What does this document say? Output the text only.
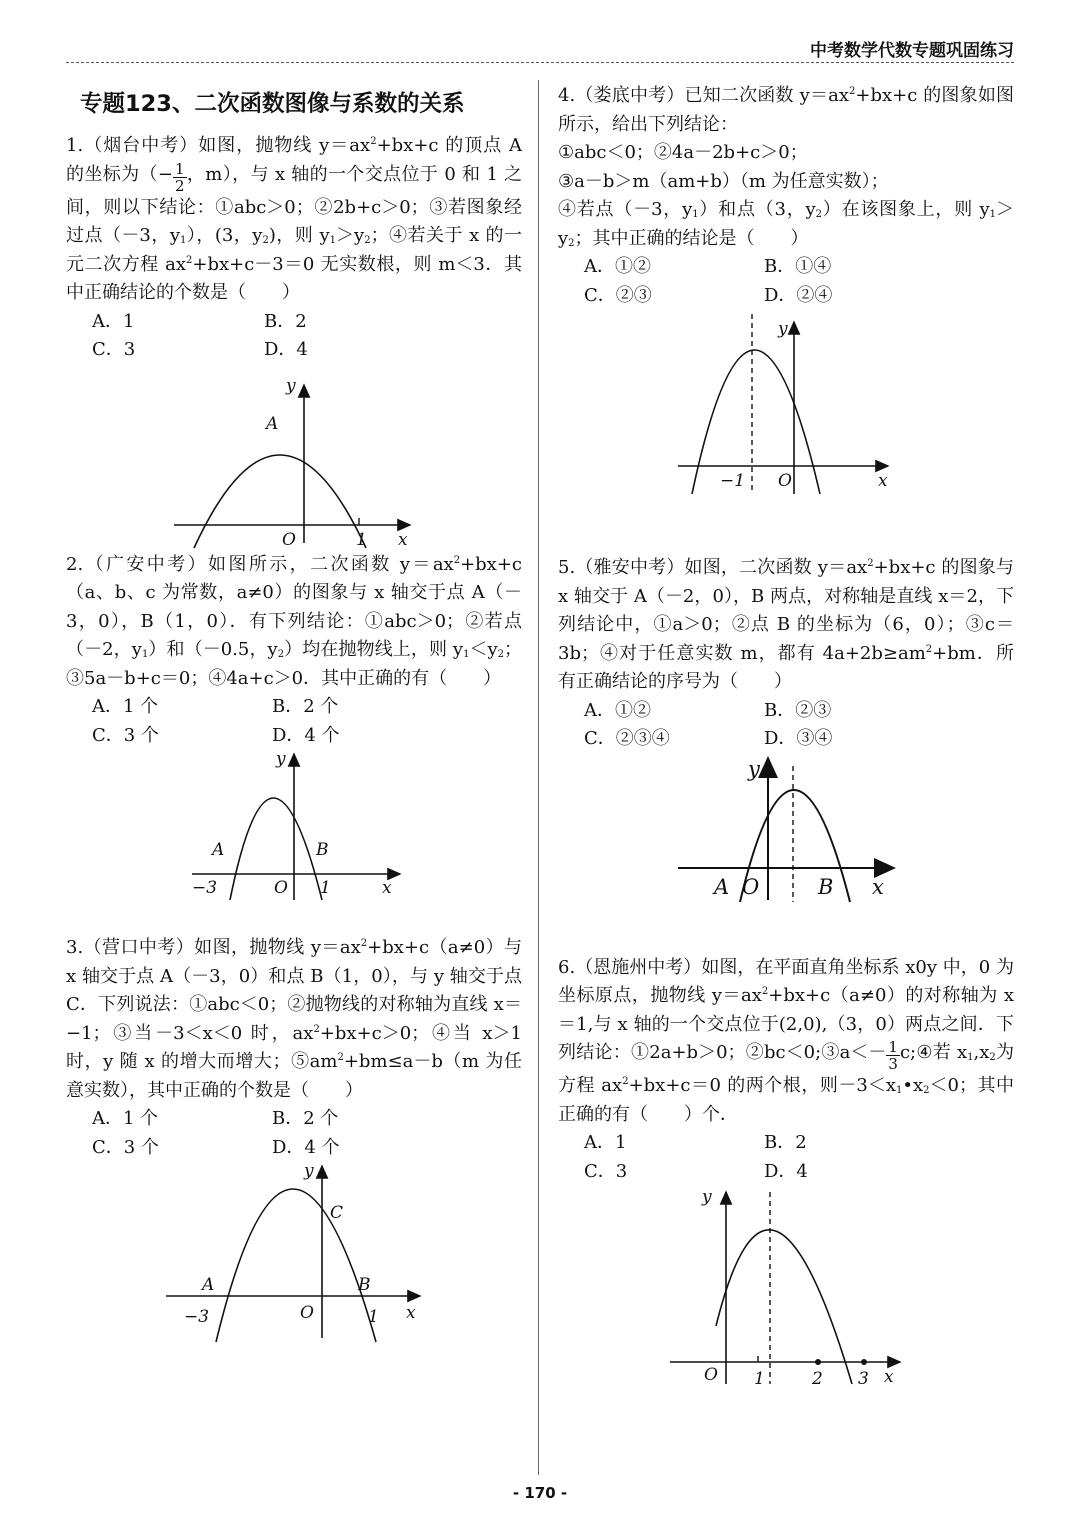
中考数学代数专题巩固练习
专题123、二次函数图像与系数的关系
1.（烟台中考）如图，抛物线 $y=ax^2+bx+c$ 的顶点 A 的坐标为（− $\frac{1}{2}$ ，m），与 x 轴的一个交点位于 0 和 1 之间，则以下结论：①abc＞0；②2b+c＞0；③若图象经过点（－3，$y_1$），(3，$y_2$)，则 $y_1>y_2$；④若关于 x 的一元二次方程 $ax^2+bx+c-3=0$ 无实数根，则 m＜3．其中正确结论的个数是（　　）
A．1	B．2
C．3	D．4
A
O	1 x
y
2.（广安中考）如图所示，二次函数 $y=ax^2+bx+c(a$、b、c 为常数，a≠0）的图象与 x 轴交于点 A（－3，0），B（1，0）．有下列结论：①abc＞0；②若点（－2，$y_1$）和（－0.5，$y_2$）均在抛物线上，则 $y_1<y_2$；③5a－b+c＝0；④4a+c＞0．其中正确的有（　　）
A．1 个	B．2 个
C．3 个	D．4 个
A	B
−3	O 1	x
y
3.（营口中考）如图，抛物线 $y=ax^2+bx+c(a\ne 0)$与 x 轴交于点 A（－3，0）和点 B（1，0），与 y 轴交于点 C．下列说法：①abc＜0；②抛物线的对称轴为直线 x＝−1；③当－3＜x＜0 时，$ax^2+bx+c>0$；④当 x＞1 时，y 随 x 的增大而增大；$⑤am^2+bm\le a-b(m$ 为任意实数），其中正确的个数是（　　）
A．1 个	B．2 个
C．3 个	D．4 个
A	B
C
−3	O	1 x
y
4.（娄底中考）已知二次函数 $y=ax^2+bx+c$ 的图象如图所示，给出下列结论：
①abc＜0；②4a－2b+c＞0；
③a－b＞m（am+b）（m 为任意实数）；
④若点（－3，$y_1$）和点（3，$y_2$）在该图象上，则 $y_1>y_2$；其中正确的结论是（　　）
A．①②	B．①④
C．②③	D．②④
−1 O	x
y
5.（雅安中考）如图，二次函数 $y=ax^2+bx+c$ 的图象与 x 轴交于 A（－2，0），B 两点，对称轴是直线 x＝2，下列结论中，①a＞0；②点 B 的坐标为（6，0）；③c＝3b；④对于任意实数 m，都有 $4a+2b\ge am^2+bm$．所有正确结论的序号为（　　）
A．①②	B．②③
C．②③④	D．③④
A O	B x
y
6.（恩施州中考）如图，在平面直角坐标系 x0y 中，0 为坐标原点，抛物线 $y=ax^2+bx+c(a\ne 0)$的对称轴为 x＝1,与 x 轴的一个交点位于(2,0),（3，0）两点之间．下列结论：①2a+b＞0；②bc＜0;③a＜－ $\frac{1}{3}$ c;④若 $x_1,x_2$为方程 $ax^2+bx+c=0$ 的两个根，则$-3<x_1•x_2<0$；其中正确的有（　　）个．
A．1	B．2
C．3	D．4
O 1	2 3 x
y
- 170 -
